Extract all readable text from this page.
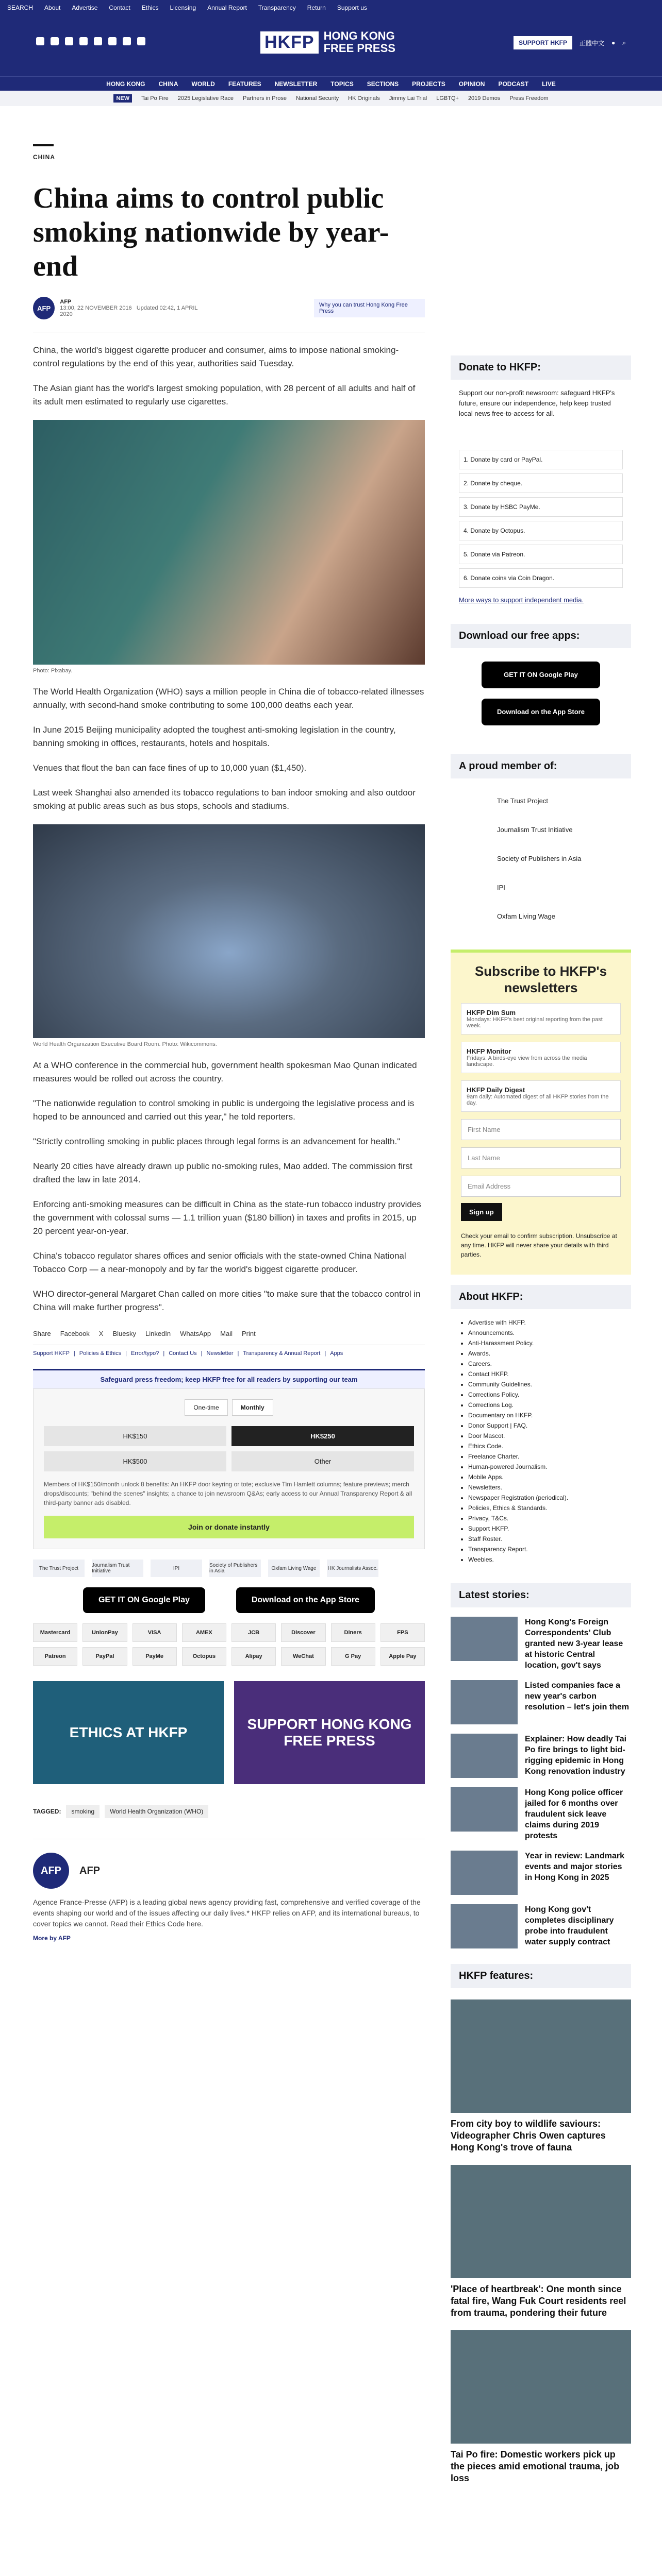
SEARCH About Advertise Contact Ethics Licensing Annual Report Transparency Return Support us
HKFP HONG KONG
FREE PRESS	SUPPORT HKFP	正體中文 ● ⌕
HONG KONG CHINA WORLD FEATURES NEWSLETTER TOPICS SECTIONS PROJECTS OPINION PODCAST LIVE
NEW	Tai Po Fire 2025 Legislative Race Partners in Prose National Security HK Originals Jimmy Lai Trial LGBTQ+ 2019 Demos Press Freedom
CHINA
China aims to control public smoking nationwide by year-end
AFP
AFP
13:00, 22 NOVEMBER 2016 Updated 02:42, 1 APRIL 2020
Why you can trust Hong Kong Free Press

China, the world's biggest cigarette producer and consumer, aims to impose national smoking-control regulations by the end of this year, authorities said Tuesday.

The Asian giant has the world's largest smoking population, with 28 percent of all adults and half of its adult men estimated to regularly use cigarettes.

Photo: Pixabay.

The World Health Organization (WHO) says a million people in China die of tobacco-related illnesses annually, with second-hand smoke contributing to some 100,000 deaths each year.

In June 2015 Beijing municipality adopted the toughest anti-smoking legislation in the country, banning smoking in offices, restaurants, hotels and hospitals.

Venues that flout the ban can face fines of up to 10,000 yuan ($1,450).

Last week Shanghai also amended its tobacco regulations to ban indoor smoking and also outdoor smoking at public areas such as bus stops, schools and stadiums.

World Health Organization Executive Board Room. Photo: Wikicommons.

At a WHO conference in the commercial hub, government health spokesman Mao Qunan indicated measures would be rolled out across the country.

"The nationwide regulation to control smoking in public is undergoing the legislative process and is hoped to be announced and carried out this year," he told reporters.

"Strictly controlling smoking in public places through legal forms is an advancement for health."

Nearly 20 cities have already drawn up public no-smoking rules, Mao added. The commission first drafted the law in late 2014.

Enforcing anti-smoking measures can be difficult in China as the state-run tobacco industry provides the government with colossal sums — 1.1 trillion yuan ($180 billion) in taxes and profits in 2015, up 20 percent year-on-year.

China's tobacco regulator shares offices and senior officials with the state-owned China National Tobacco Corp — a near-monopoly and by far the world's biggest cigarette producer.

WHO director-general Margaret Chan called on more cities "to make sure that the tobacco control in China will make further progress".

Share Facebook X Bluesky LinkedIn WhatsApp Mail Print
Support HKFP | Policies & Ethics | Error/typo? | Contact Us | Newsletter | Transparency & Annual Report | Apps
Safeguard press freedom; keep HKFP free for all readers by supporting our team
One-time	Monthly
HK$150	HK$250
HK$500	Other
Members of HK$150/month unlock 8 benefits: An HKFP door keyring or tote; exclusive Tim Hamlett columns; feature previews; merch drops/discounts; "behind the scenes" insights; a chance to join newsroom Q&As; early access to our Annual Transparency Report & all third-party banner ads disabled.
Join or donate instantly
The Trust Project	Journalism Trust Initiative	IPI	Society of Publishers in Asia	Oxfam Living Wage	HK Journalists Assoc.
GET IT ON Google Play	Download on the App Store
Mastercard	UnionPay	VISA	AMEX	JCB	Discover	Diners	FPS
Patreon	PayPal	PayMe	Octopus	Alipay	WeChat	G Pay	Apple Pay
ETHICS AT HKFP
SUPPORT HONG KONG FREE PRESS
TAGGED:	smoking	World Health Organization (WHO)
AFP	AFP

Agence France-Presse (AFP) is a leading global news agency providing fast, comprehensive and verified coverage of the events shaping our world and of the issues affecting our daily lives.* HKFP relies on AFP, and its international bureaus, to cover topics we cannot. Read their Ethics Code here.

More by AFP
Donate to HKFP:

Support our non-profit newsroom: safeguard HKFP's future, ensure our independence, help keep trusted local news free-to-access for all.

1. Donate by card or PayPal.
2. Donate by cheque.
3. Donate by HSBC PayMe.
4. Donate by Octopus.
5. Donate via Patreon.
6. Donate coins via Coin Dragon.

More ways to support independent media.

Download our free apps:
GET IT ON Google Play
Download on the App Store
A proud member of:
The Trust Project
Journalism Trust Initiative
Society of Publishers in Asia
IPI
Oxfam Living Wage
Subscribe to HKFP's newsletters
HKFP Dim Sum
Mondays: HKFP's best original reporting from the past week.
HKFP Monitor
Fridays: A birds-eye view from across the media landscape.
HKFP Daily Digest
9am daily: Automated digest of all HKFP stories from the day.
First Name
Last Name
Email Address
Sign up

Check your email to confirm subscription. Unsubscribe at any time. HKFP will never share your details with third parties.

About HKFP:
• Advertise with HKFP.
• Announcements.
• Anti-Harassment Policy.
• Awards.
• Careers.
• Contact HKFP.
• Community Guidelines.
• Corrections Policy.
• Corrections Log.
• Documentary on HKFP.
• Donor Support | FAQ.
• Door Mascot.
• Ethics Code.
• Freelance Charter.
• Human-powered Journalism.
• Mobile Apps.
• Newsletters.
• Newspaper Registration (periodical).
• Policies, Ethics & Standards.
• Privacy, T&Cs.
• Support HKFP.
• Staff Roster.
• Transparency Report.
• Weebies.
Latest stories:
Hong Kong's Foreign Correspondents' Club granted new 3-year lease at historic Central location, gov't says
Listed companies face a new year's carbon resolution – let's join them
Explainer: How deadly Tai Po fire brings to light bid-rigging epidemic in Hong Kong renovation industry
Hong Kong police officer jailed for 6 months over fraudulent sick leave claims during 2019 protests
Year in review: Landmark events and major stories in Hong Kong in 2025
Hong Kong gov't completes disciplinary probe into fraudulent water supply contract
HKFP features:
From city boy to wildlife saviours: Videographer Chris Owen captures Hong Kong's trove of fauna
'Place of heartbreak': One month since fatal fire, Wang Fuk Court residents reel from trauma, pondering their future
Tai Po fire: Domestic workers pick up the pieces amid emotional trauma, job loss
